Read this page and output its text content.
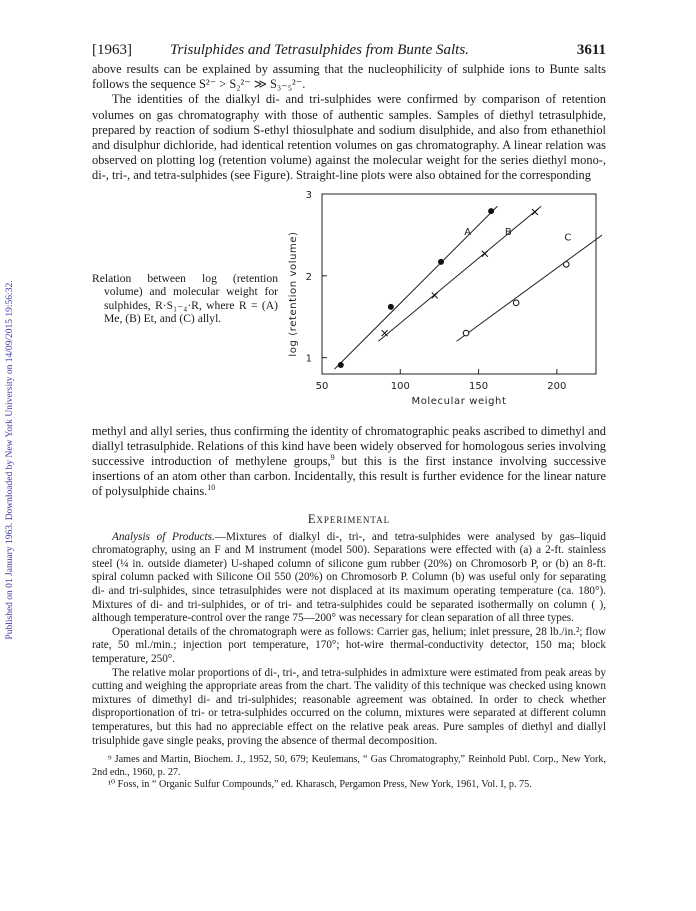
Published on 01 January 1963. Downloaded by New York University on 14/09/2015 19:56:32.
[1963]	Trisulphides and Tetrasulphides from Bunte Salts.	3611

above results can be explained by assuming that the nucleophilicity of sulphide ions to Bunte salts follows the sequence S²⁻ > S₂²⁻ ≫ S₃₋₅²⁻.

The identities of the dialkyl di- and tri-sulphides were confirmed by comparison of retention volumes on gas chromatography with those of authentic samples. Samples of diethyl tetrasulphide, prepared by reaction of sodium S-ethyl thiosulphate and sodium disulphide, and also from ethanethiol and disulphur dichloride, had identical retention volumes on gas chromatography. A linear relation was observed on plotting log (retention volume) against the molecular weight for the series diethyl mono-, di-, tri-, and tetra-sulphides (see Figure). Straight-line plots were also obtained for the corresponding

Relation between log (retention volume) and molecular weight for sulphides, R·S₁₋₄·R, where R = (A) Me, (B) Et, and (C) allyl.
50	100	150	200
1
2
3
Molecular weight
log (retention volume)	A	B
C

methyl and allyl series, thus confirming the identity of chromatographic peaks ascribed to dimethyl and diallyl tetrasulphide. Relations of this kind have been widely observed for homologous series involving successive introduction of methylene groups,$^9$ but this is the first instance involving successive insertions of an atom other than carbon. Incidentally, this result is further evidence for the linear nature of polysulphide chains.$^{10}$

Experimental

Analysis of Products.—Mixtures of dialkyl di-, tri-, and tetra-sulphides were analysed by gas–liquid chromatography, using an F and M instrument (model 500). Separations were effected with (a) a 2-ft. stainless steel (¼ in. outside diameter) U-shaped column of silicone gum rubber (20%) on Chromosorb P, or (b) an 8-ft. spiral column packed with Silicone Oil 550 (20%) on Chromosorb P. Column (b) was useful only for separating di- and tri-sulphides, since tetrasulphides were not displaced at its maximum operating temperature (ca. 180°). Mixtures of di- and tri-sulphides, or of tri- and tetra-sulphides could be separated isothermally on column ( ), although temperature-control over the range 75—200° was necessary for clean separation of all three types.

Operational details of the chromatograph were as follows: Carrier gas, helium; inlet pressure, 28 lb./in.²; flow rate, 50 ml./min.; injection port temperature, 170°; hot-wire thermal-conductivity detector, 150 ma; block temperature, 250°.

The relative molar proportions of di-, tri-, and tetra-sulphides in admixture were estimated from peak areas by cutting and weighing the appropriate areas from the chart. The validity of this technique was checked using known mixtures of dimethyl di- and tri-sulphides; reasonable agreement was obtained. In order to check whether disproportionation of tri- or tetra-sulphides occurred on the column, mixtures were separated at different column temperatures, but this had no appreciable effect on the relative peak areas. Pure samples of diethyl and diallyl trisulphide gave single peaks, proving the absence of thermal decomposition.

⁹ James and Martin, Biochem. J., 1952, 50, 679; Keulemans, “ Gas Chromatography,” Reinhold Publ. Corp., New York, 2nd edn., 1960, p. 27.

¹⁰ Foss, in “ Organic Sulfur Compounds,” ed. Kharasch, Pergamon Press, New York, 1961, Vol. I, p. 75.
